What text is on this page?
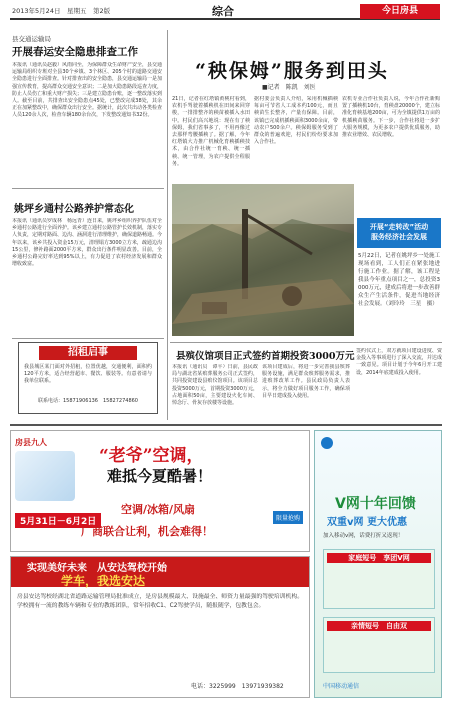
2013年5月24日　星期五　第2版	综合	今日房县
县交通运输局
开展春运安全隐患排查工作
本报讯（通讯员赵毅）风雨同至，为保障群众生命财产安全，县交通运输局组织专班对全县30个乡镇、3个林区、205个村的道路交通安全隐患进行全面排查。针对排查出的安全隐患，县交通运输局一是加强宣传教育，提高群众交通安全意识；二是加大隐患路段巡查力度，防止人员伤亡和重大财产损失；三是建立隐患台账，逐一整改落实到人。截至目前，共排查出安全隐患点45处，已整改完成38处，其余正在加紧整改中，确保群众出行安全。据统计，此次共出动各类检查人员120余人次，检查车辆180余台次，下发整改通知书32份。
姚坪乡通村公路养护常态化
本报讯（通讯员罗成林　杨远青）连日来，姚坪乡组织养护队伍对全乡通村公路进行全面养护。该乡建立通村公路管护长效机制，落实专人负责，定期对路面、边沟、涵洞进行清理维护，确保道路畅通。今年以来，该乡共投入资金15万元，清理塌方3000立方米，疏通边沟15公里，修补路面2000平方米，群众出行条件明显改善。目前，全乡通村公路完好率达到95%以上，有力促进了农村经济发展和群众增收致富。
招租启事
我县城区某门面对外招租，位置优越，交通便利，面积约120平方米，适合经营超市、餐饮、服装等。有意者请与我单位联系。
联系电话：15871906136　15827274860
“秧保姆”服务到田头
■记者　陈凯　刘医
21日，记者在红塔镇黄桃村看到，农机手驾驶着插秧机在田间来回穿梭，一排排整齐的秧苗被插入水田中。村民们高兴地说：现在有了秧保姆，我们省事多了，不用再像过去那样弯腰插秧了。据了解，今年红塔镇大力推广机械化育秧插秧技术，由合作社统一育秧、统一插秧、统一管理，为农户提供全程服务。
据村委会负责人介绍，采用机械插秧每亩可节省人工成本约100元，而且秧苗生长整齐，产量有保障。目前，该镇已完成机插秧面积3000余亩，带动农户500余户。秧保姆服务受到了群众的普遍欢迎，村民们纷纷要求加入合作社。
农机专业合作社负责人说，今年合作社新购置了插秧机10台，育秧盘20000个，建立标准化育秧基地200亩，可为全镇提供1万亩的机插秧苗服务。下一步，合作社将进一步扩大服务规模，为更多农户提供优质服务，助推农业增效、农民增收。
开展“走转改”活动
服务经济社会发展
5月22日，记者在姚坪乡一处施工现场看到，工人们正在紧张地进行施工作业。据了解，该工程是我县今年重点项目之一，总投资3000万元，建成后将进一步改善群众生产生活条件，促进当地经济社会发展。（刘玲玲　三星　摄）
县殡仪馆项目正式签约首期投资3000万元
本报讯（通讯员　谭平）日前，县民政局与湖北省某殡葬服务公司正式签约，共同投资建设县殡仪馆项目。该项目总投资5000万元，首期投资3000万元，占地面积50亩，主要建设火化车间、悼念厅、骨灰存放楼等设施。
该项目建成后，将进一步完善我县殡葬服务设施，满足群众殡葬服务需求，推进殡葬改革工作。县民政局负责人表示，将全力做好项目服务工作，确保项目早日建成投入使用。
签约仪式上，双方就项目建设进度、资金投入等事项进行了深入交流，并达成一致意见。项目计划于今年6月开工建设，2014年底建成投入使用。
房县九人
“老爷”空调，
难抵今夏酷暑！
5月31日－6月2日
空调/冰箱/风扇
厂商联合让利，机会难得！
限量抢购
实现美好未来　从安达驾校开始
学车，我选安达
房县安达驾校经湖北省道路运输管理局批准成立，是房县规模最大、设施最全、师资力量最强的驾驶培训机构。学校拥有一流的教练车辆和专业的教练团队，常年招收C1、C2驾驶学员，随报随学，包教包会。
电话：3225999　13971939382
V网十年回馈
双重v网 更大优惠
加入移动v网，话费打折又返现！
家庭短号　享团V网
亲情短号　自由双
中国移动通信
